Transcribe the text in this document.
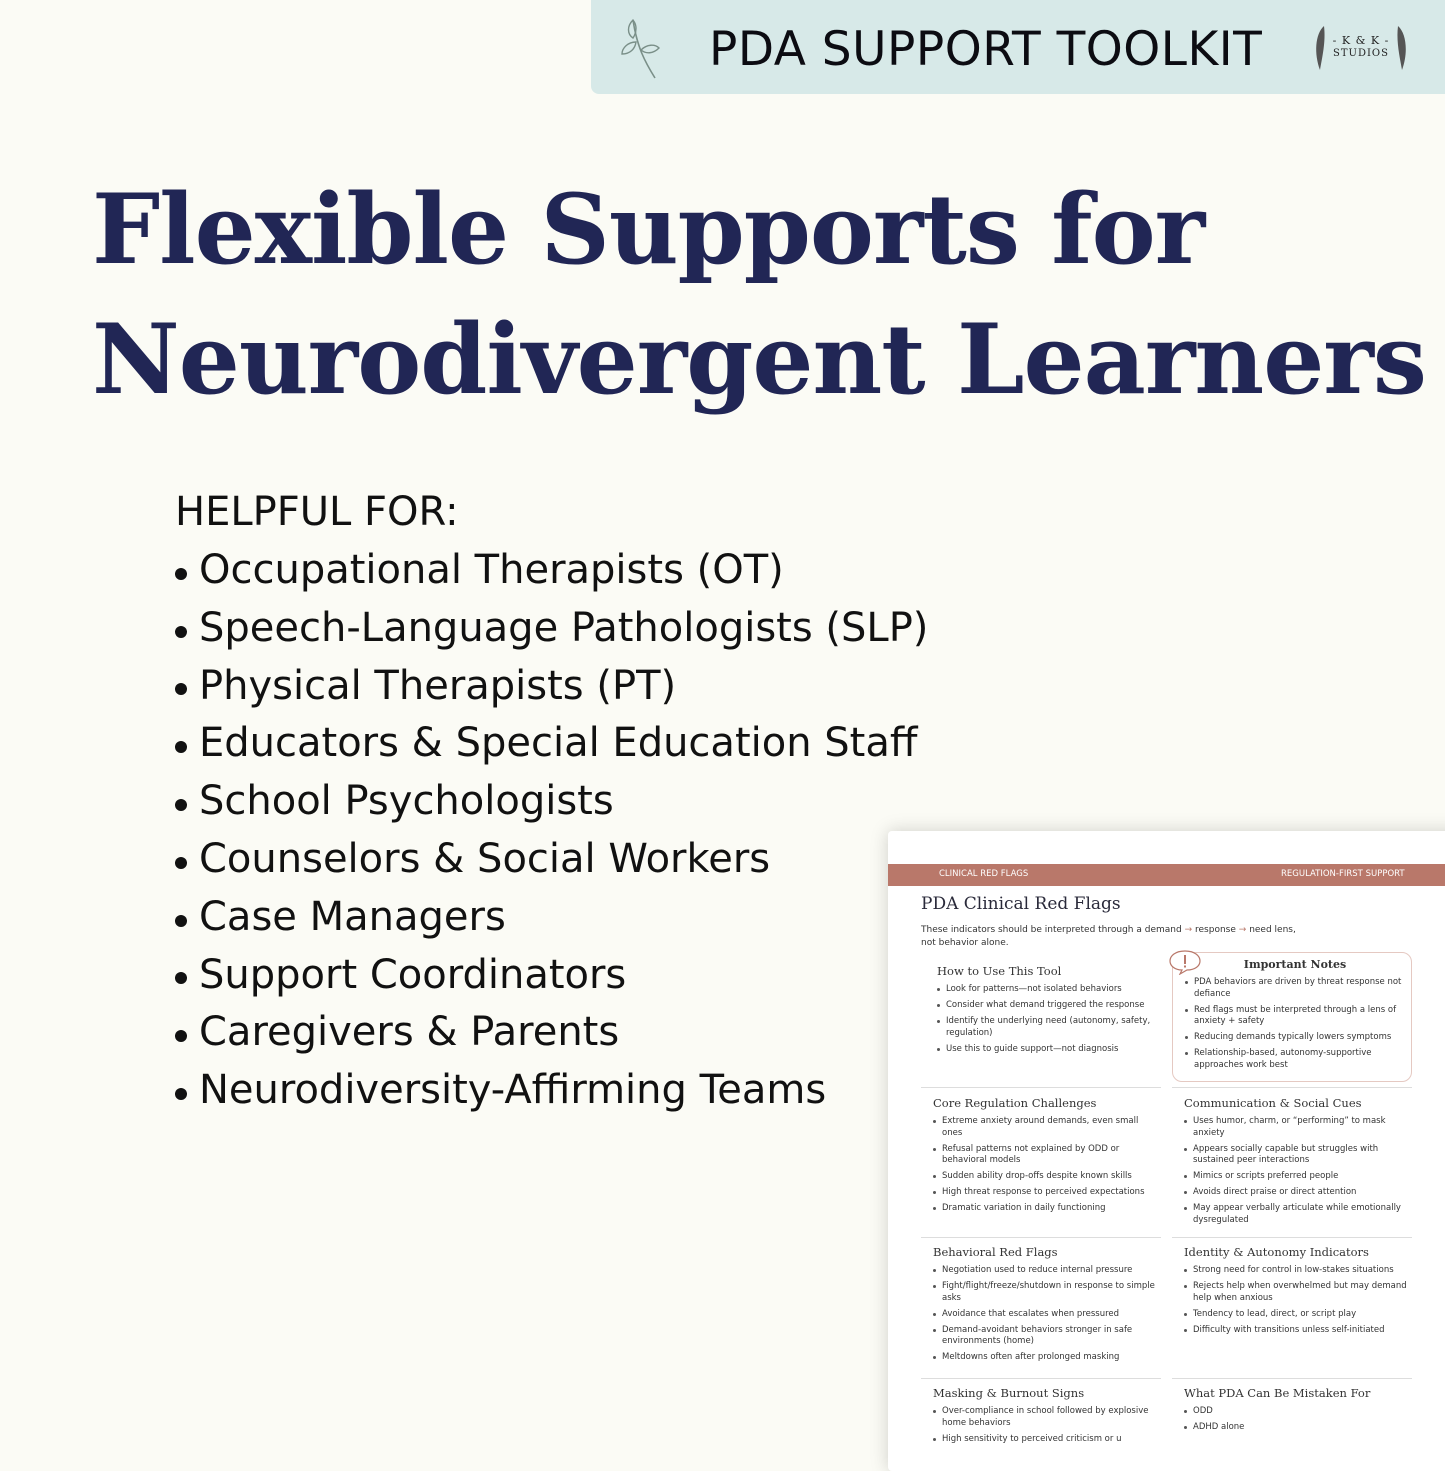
PDA SUPPORT TOOLKIT	- K & K -
STUDIOS
Flexible Supports for
Neurodivergent Learners
HELPFUL FOR:
Occupational Therapists (OT)
Speech-Language Pathologists (SLP)
Physical Therapists (PT)
Educators & Special Education Staff
School Psychologists
Counselors & Social Workers
Case Managers
Support Coordinators
Caregivers & Parents
Neurodiversity-Affirming Teams
CLINICAL RED FLAGS	REGULATION-FIRST SUPPORT
PDA Clinical Red Flags
These indicators should be interpreted through a demand → response → need lens,
not behavior alone.
How to Use This Tool
Look for patterns—not isolated behaviors
Consider what demand triggered the response
Identify the underlying need (autonomy, safety, regulation)
Use this to guide support—not diagnosis
Important Notes
PDA behaviors are driven by threat response not defiance
Red flags must be interpreted through a lens of anxiety + safety
Reducing demands typically lowers symptoms
Relationship-based, autonomy-supportive approaches work best
Core Regulation Challenges
Extreme anxiety around demands, even small ones
Refusal patterns not explained by ODD or behavioral models
Sudden ability drop-offs despite known skills
High threat response to perceived expectations
Dramatic variation in daily functioning
Communication & Social Cues
Uses humor, charm, or “performing” to mask anxiety
Appears socially capable but struggles with sustained peer interactions
Mimics or scripts preferred people
Avoids direct praise or direct attention
May appear verbally articulate while emotionally dysregulated
Behavioral Red Flags
Negotiation used to reduce internal pressure
Fight/flight/freeze/shutdown in response to simple asks
Avoidance that escalates when pressured
Demand-avoidant behaviors stronger in safe environments (home)
Meltdowns often after prolonged masking
Identity & Autonomy Indicators
Strong need for control in low-stakes situations
Rejects help when overwhelmed but may demand help when anxious
Tendency to lead, direct, or script play
Difficulty with transitions unless self-initiated
Masking & Burnout Signs
Over-compliance in school followed by explosive home behaviors
High sensitivity to perceived criticism or u
What PDA Can Be Mistaken For
ODD
ADHD alone
